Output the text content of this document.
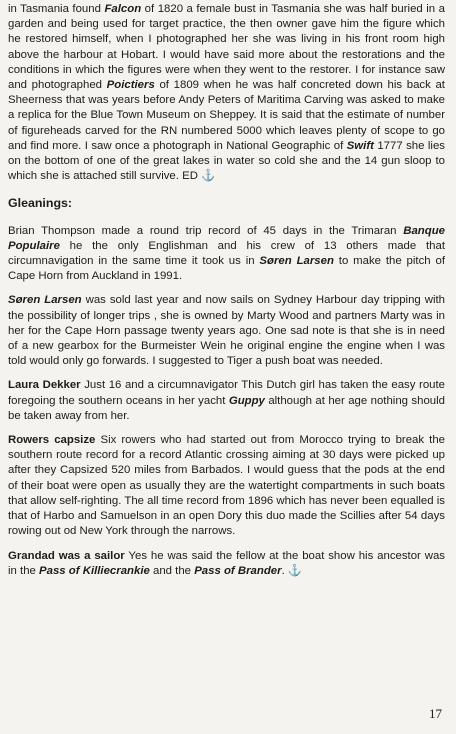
in Tasmania found Falcon of 1820 a female bust in Tasmania she was half buried in a garden and being used for target practice, the then owner gave him the figure which he restored himself, when I photographed her she was living in his front room high above the harbour at Hobart. I would have said more about the restorations and the conditions in which the figures were when they went to the restorer. I for instance saw and photographed Poictiers of 1809 when he was half concreted down his back at Sheerness that was years before Andy Peters of Maritima Carving was asked to make a replica for the Blue Town Museum on Sheppey. It is said that the estimate of number of figureheads carved for the RN numbered 5000 which leaves plenty of scope to go and find more. I saw once a photograph in National Geographic of Swift 1777 she lies on the bottom of one of the great lakes in water so cold she and the 14 gun sloop to which she is attached still survive. ED ⚓

Gleanings:

Brian Thompson made a round trip record of 45 days in the Trimaran Banque Populaire he the only Englishman and his crew of 13 others made that circumnavigation in the same time it took us in Søren Larsen to make the pitch of Cape Horn from Auckland in 1991.

Søren Larsen was sold last year and now sails on Sydney Harbour day tripping with the possibility of longer trips , she is owned by Marty Wood and partners Marty was in her for the Cape Horn passage twenty years ago. One sad note is that she is in need of a new gearbox for the Burmeister Wein he original engine the engine when I was told would only go forwards. I suggested to Tiger a push boat was needed.

Laura Dekker Just 16 and a circumnavigator This Dutch girl has taken the easy route foregoing the southern oceans in her yacht Guppy although at her age nothing should be taken away from her.

Rowers capsize Six rowers who had started out from Morocco trying to break the southern route record for a record Atlantic crossing aiming at 30 days were picked up after they Capsized 520 miles from Barbados. I would guess that the pods at the end of their boat were open as usually they are the watertight compartments in such boats that allow self-righting. The all time record from 1896 which has never been equalled is that of Harbo and Samuelson in an open Dory this duo made the Scillies after 54 days rowing out od New York through the narrows.

Grandad was a sailor Yes he was said the fellow at the boat show his ancestor was in the Pass of Killiecrankie and the Pass of Brander. ⚓

17
